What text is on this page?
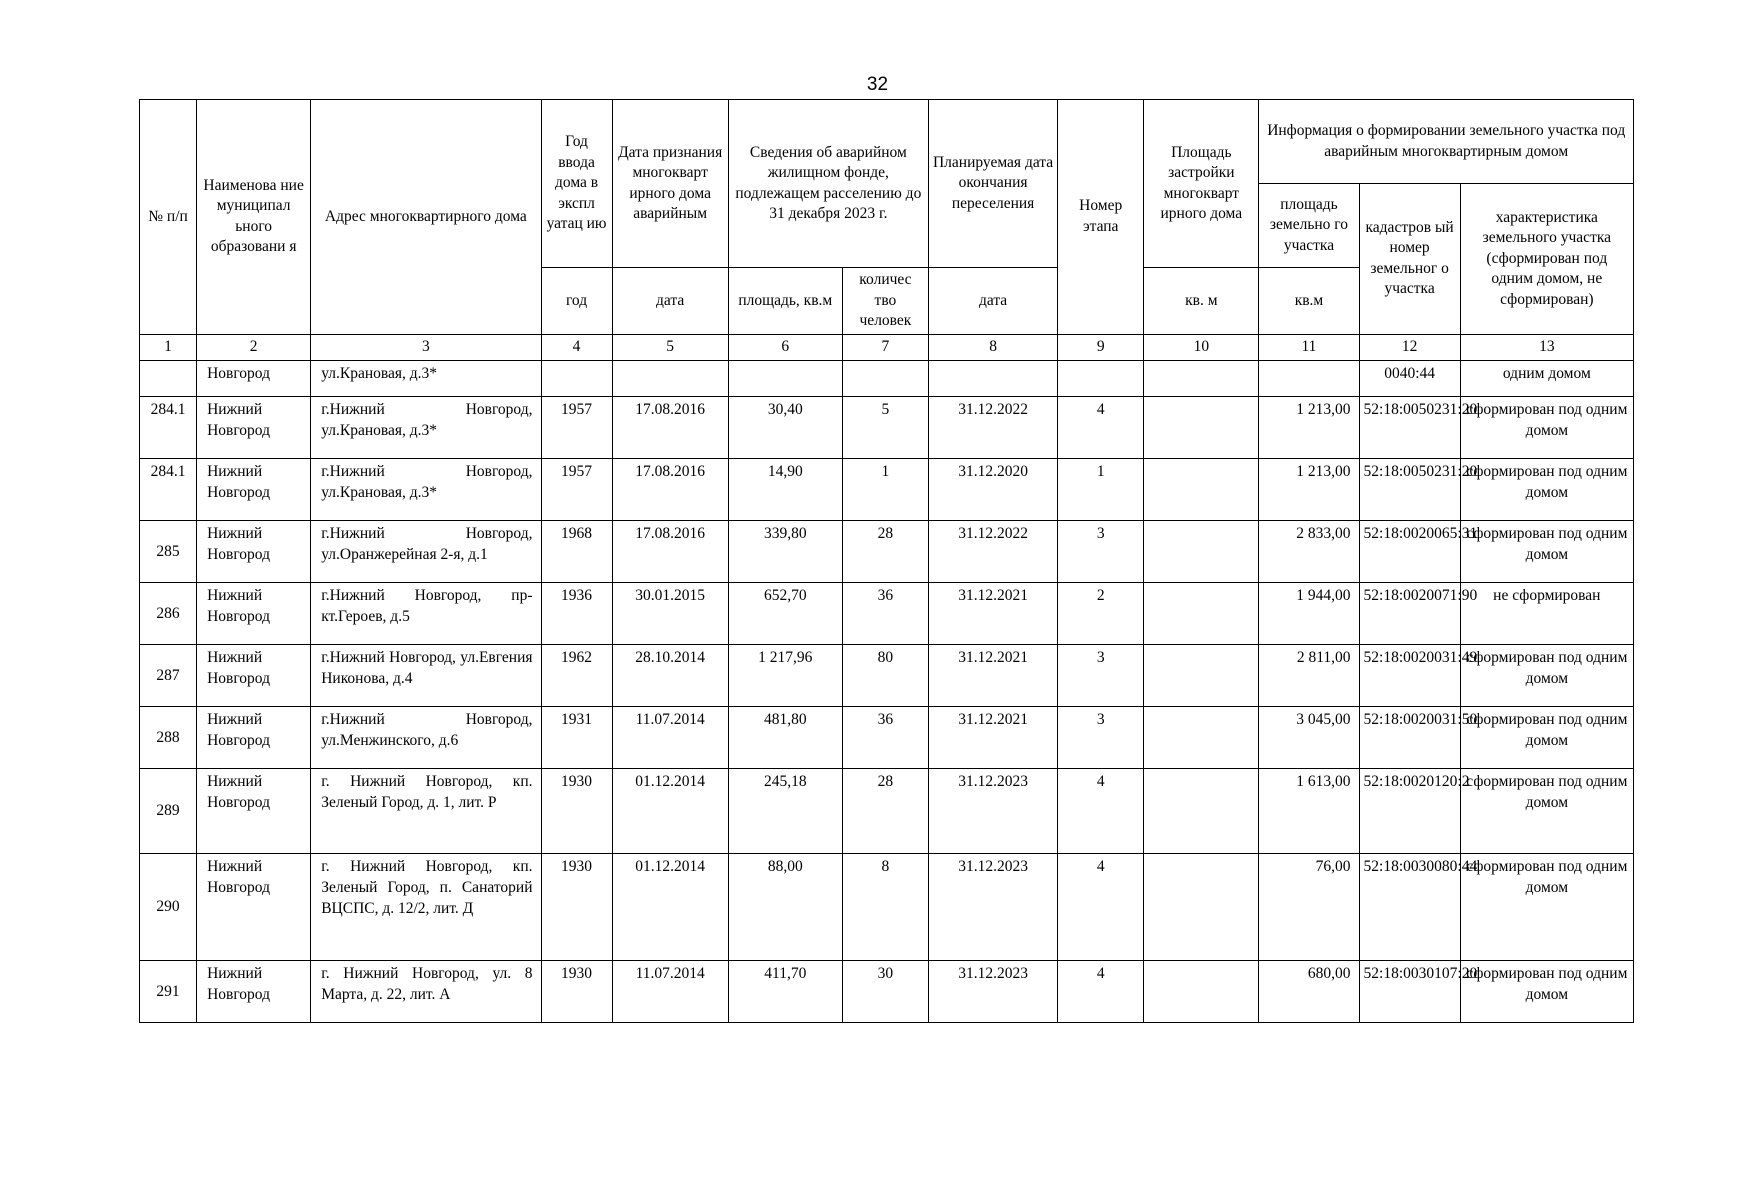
32
№ п/п	Наименова ние муниципал ьного образовани я	Адрес многоквартирного дома	Год ввода дома в экспл уатац ию	Дата признания многокварт ирного дома аварийным	Сведения об аварийном жилищном фонде, подлежащем расселению до 31 декабря 2023 г.		Планируемая дата окончания переселения	Номер этапа	Площадь застройки многокварт ирного дома	Информация о формировании земельного участка под аварийным многоквартирным домом		
										площадь земельно го участка	кадастров ый номер земельног о участка	характеристика земельного участка (сформирован под одним домом, не сформирован)
			год	дата	площадь, кв.м	количес тво человек	дата		кв. м	кв.м		
1	2	3	4	5	6	7	8	9	10	11	12	13
	Новгород	ул.Крановая, д.3*									0040:44	одним домом
284.1	Нижний Новгород	г.Нижний Новгород, ул.Крановая, д.3*	1957	17.08.2016	30,40	5	31.12.2022	4		1 213,00	52:18:0050231:20	сформирован под одним домом
284.1	Нижний Новгород	г.Нижний Новгород, ул.Крановая, д.3*	1957	17.08.2016	14,90	1	31.12.2020	1		1 213,00	52:18:0050231:20	сформирован под одним домом
285	Нижний Новгород	г.Нижний Новгород, ул.Оранжерейная 2-я, д.1	1968	17.08.2016	339,80	28	31.12.2022	3		2 833,00	52:18:0020065:31	сформирован под одним домом
286	Нижний Новгород	г.Нижний Новгород, пр-кт.Героев, д.5	1936	30.01.2015	652,70	36	31.12.2021	2		1 944,00	52:18:0020071:90	не сформирован
287	Нижний Новгород	г.Нижний Новгород, ул.Евгения Никонова, д.4	1962	28.10.2014	1 217,96	80	31.12.2021	3		2 811,00	52:18:0020031:49	сформирован под одним домом
288	Нижний Новгород	г.Нижний Новгород, ул.Менжинского, д.6	1931	11.07.2014	481,80	36	31.12.2021	3		3 045,00	52:18:0020031:50	сформирован под одним домом
289	Нижний Новгород	г. Нижний Новгород, кп. Зеленый Город, д. 1, лит. Р	1930	01.12.2014	245,18	28	31.12.2023	4		1 613,00	52:18:0020120:2	сформирован под одним домом
290	Нижний Новгород	г. Нижний Новгород, кп. Зеленый Город, п. Санаторий ВЦСПС, д. 12/2, лит. Д	1930	01.12.2014	88,00	8	31.12.2023	4		76,00	52:18:0030080:44	сформирован под одним домом
291	Нижний Новгород	г. Нижний Новгород, ул. 8 Марта, д. 22, лит. А	1930	11.07.2014	411,70	30	31.12.2023	4		680,00	52:18:0030107:20	сформирован под одним домом
